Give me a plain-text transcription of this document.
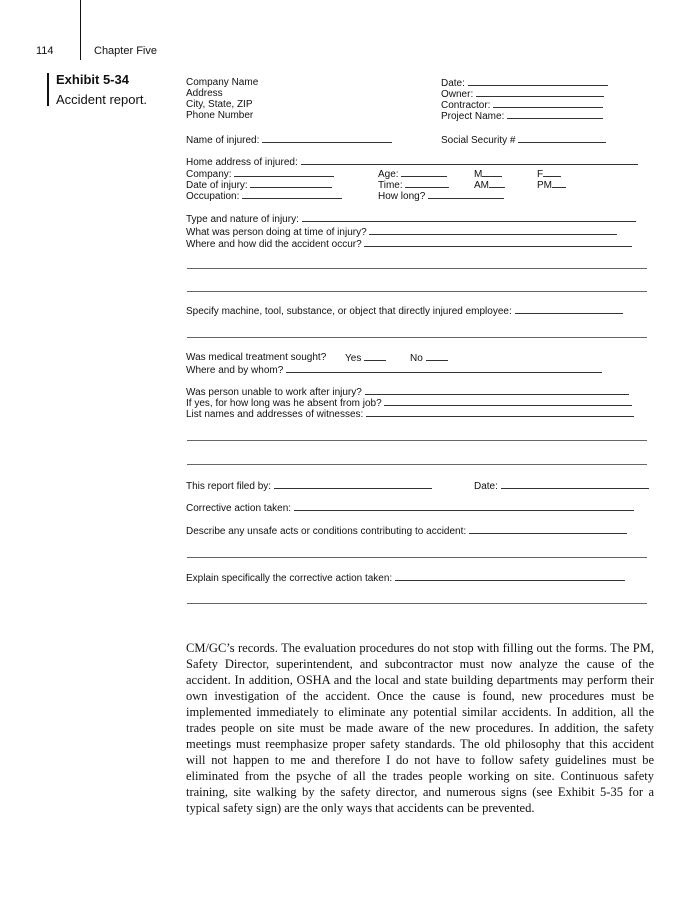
114	Chapter Five
Exhibit 5-34
Accident report.
Company Name
Address
City, State, ZIP
Phone Number
Date:
Owner:
Contractor:
Project Name:
Name of injured:	Social Security #
Home address of injured:
Company:	Age:	M	F
Date of injury:	Time:	AM	PM
Occupation:	How long?
Type and nature of injury:
What was person doing at time of injury?
Where and how did the accident occur?
Specify machine, tool, substance, or object that directly injured employee:
Was medical treatment sought? Yes	No
Where and by whom?
Was person unable to work after injury?
If yes, for how long was he absent from job?
List names and addresses of witnesses:
This report filed by:	Date:
Corrective action taken:
Describe any unsafe acts or conditions contributing to accident:
Explain specifically the corrective action taken:
CM/GC’s records. The evaluation procedures do not stop with filling out the forms. The PM, Safety Director, superintendent, and subcontractor must now analyze the cause of the accident. In addition, OSHA and the local and state building departments may perform their own investigation of the accident. Once the cause is found, new procedures must be implemented immediately to eliminate any potential similar accidents. In addition, all the trades people on site must be made aware of the new procedures. In addition, the safety meetings must reemphasize proper safety standards. The old philosophy that this accident will not happen to me and therefore I do not have to follow safety guidelines must be eliminated from the psyche of all the trades people working on site. Continuous safety training, site walking by the safety director, and numerous signs (see Exhibit 5-35 for a typical safety sign) are the only ways that accidents can be prevented.
